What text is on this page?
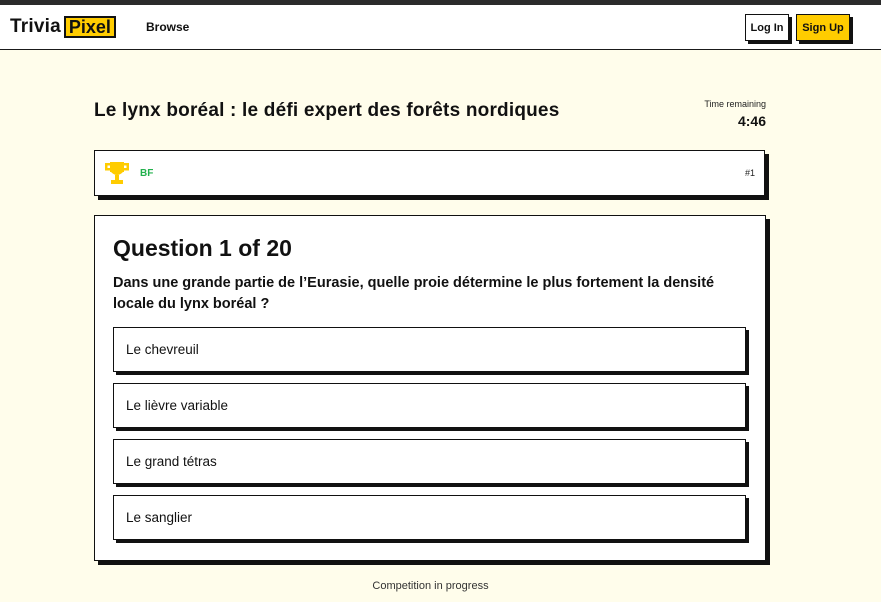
Trivia Pixel	Browse	Log In	Sign Up
Le lynx boréal : le défi expert des forêts nordiques	Time remaining
4:46
BF	#1
Question 1 of 20

Dans une grande partie de l’Eurasie, quelle proie détermine le plus fortement la densité locale du lynx boréal ?

Le chevreuil
Le lièvre variable
Le grand tétras
Le sanglier
Competition in progress
